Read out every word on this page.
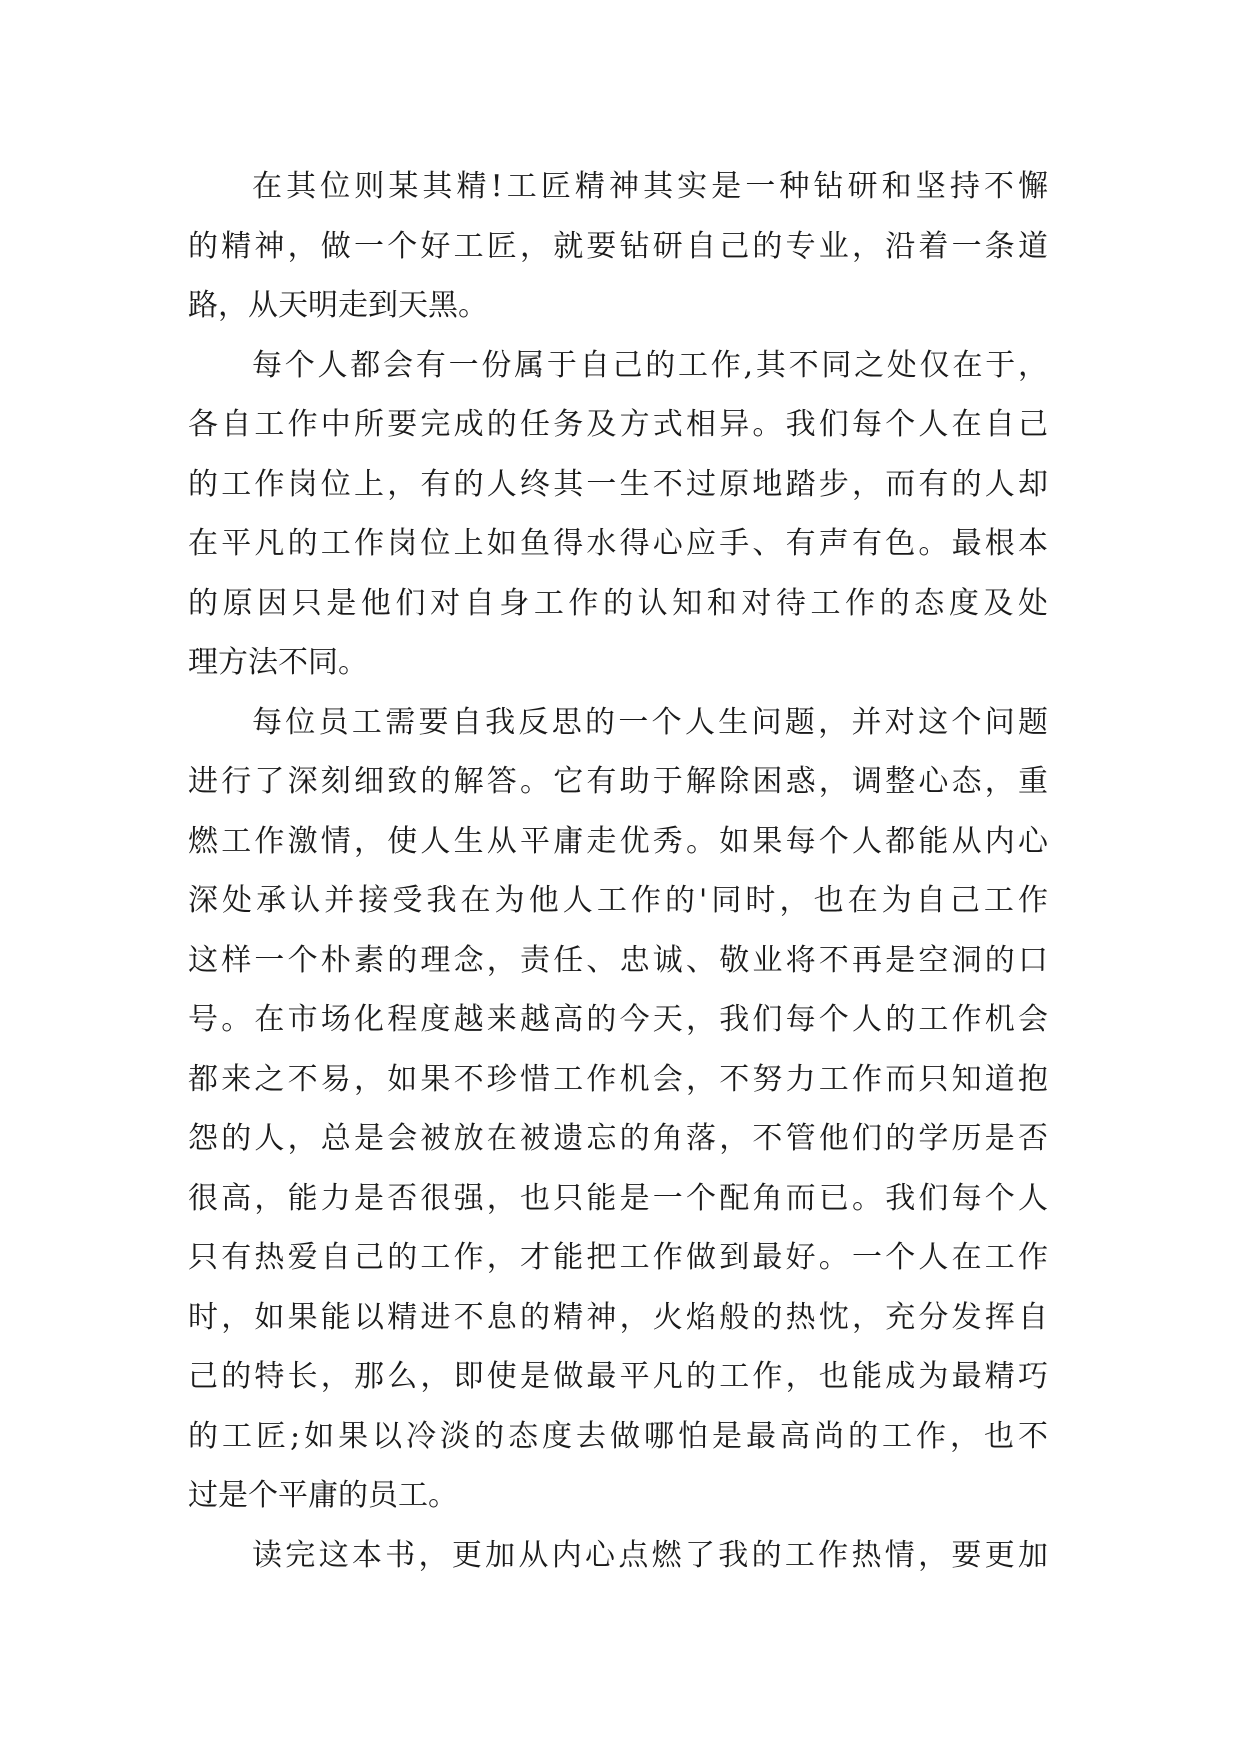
在其位则某其精!工匠精神其实是一种钻研和坚持不懈
的精神，做一个好工匠，就要钻研自己的专业，沿着一条道
路，从天明走到天黑。

每个人都会有一份属于自己的工作,其不同之处仅在于，
各自工作中所要完成的任务及方式相异。我们每个人在自己
的工作岗位上，有的人终其一生不过原地踏步，而有的人却
在平凡的工作岗位上如鱼得水得心应手、有声有色。最根本
的原因只是他们对自身工作的认知和对待工作的态度及处
理方法不同。

每位员工需要自我反思的一个人生问题，并对这个问题
进行了深刻细致的解答。它有助于解除困惑，调整心态，重
燃工作激情，使人生从平庸走优秀。如果每个人都能从内心
深处承认并接受我在为他人工作的'同时，也在为自己工作
这样一个朴素的理念，责任、忠诚、敬业将不再是空洞的口
号。在市场化程度越来越高的今天，我们每个人的工作机会
都来之不易，如果不珍惜工作机会，不努力工作而只知道抱
怨的人，总是会被放在被遗忘的角落，不管他们的学历是否
很高，能力是否很强，也只能是一个配角而已。我们每个人
只有热爱自己的工作，才能把工作做到最好。一个人在工作
时，如果能以精进不息的精神，火焰般的热忱，充分发挥自
己的特长，那么，即使是做最平凡的工作，也能成为最精巧
的工匠;如果以冷淡的态度去做哪怕是最高尚的工作，也不
过是个平庸的员工。

读完这本书，更加从内心点燃了我的工作热情，要更加
